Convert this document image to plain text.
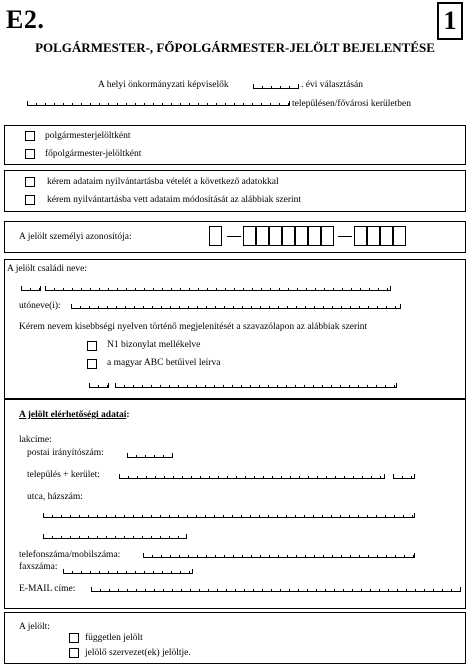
E2.	1
POLGÁRMESTER-, FŐPOLGÁRMESTER-JELÖLT BEJELENTÉSE
A helyi önkormányzati képviselők	. évi választásán
településen/fővárosi kerületben
polgármesterjelöltként
főpolgármester-jelöltként
kérem adataim nyilvántartásba vételét a következő adatokkal
kérem nyilvántartásba vett adataim módosítását az alábbiak szerint
A jelölt személyi azonosítója:
A jelölt családi neve:
utóneve(i):
Kérem nevem kisebbségi nyelven történő megjelenítését a szavazólapon az alábbiak szerint
N1 bizonylat mellékelve
a magyar ABC betűivel leírva
A jelölt elérhetőségi adatai:
lakcíme:
postai irányítószám:
település + kerület:
utca, házszám:
telefonszáma/mobilszáma:
faxszáma:
E-MAIL címe:
A jelölt:
független jelölt
jelölő szervezet(ek) jelöltje.
